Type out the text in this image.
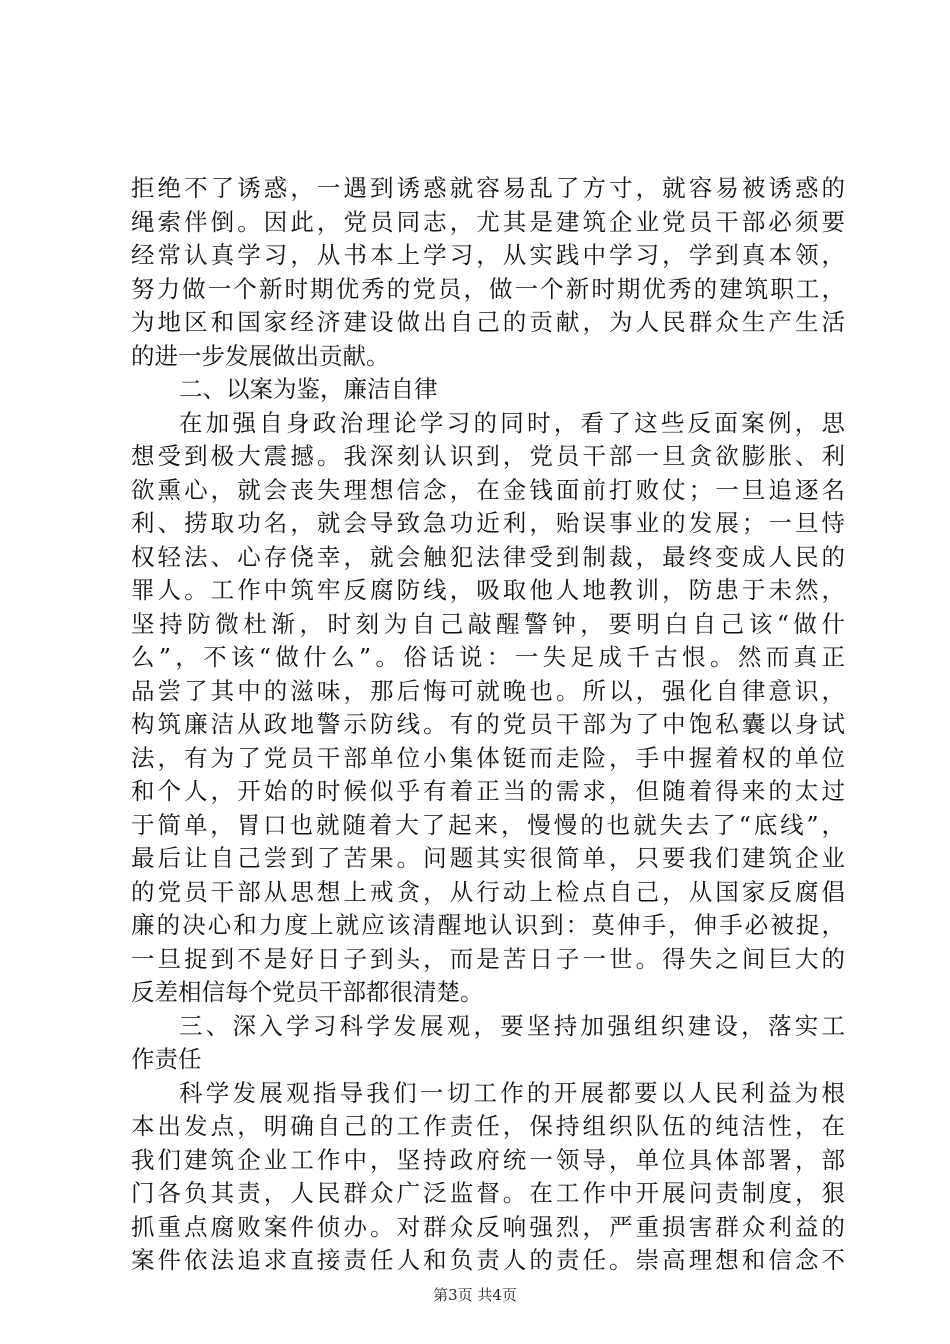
拒绝不了诱惑，一遇到诱惑就容易乱了方寸，就容易被诱惑的
绳索伴倒。因此，党员同志，尤其是建筑企业党员干部必须要
经常认真学习，从书本上学习，从实践中学习，学到真本领，
努力做一个新时期优秀的党员，做一个新时期优秀的建筑职工，
为地区和国家经济建设做出自己的贡献，为人民群众生产生活
的进一步发展做出贡献。
二、以案为鉴，廉洁自律
在加强自身政治理论学习的同时，看了这些反面案例，思
想受到极大震撼。我深刻认识到，党员干部一旦贪欲膨胀、利
欲熏心，就会丧失理想信念，在金钱面前打败仗；一旦追逐名
利、捞取功名，就会导致急功近利，贻误事业的发展；一旦恃
权轻法、心存侥幸，就会触犯法律受到制裁，最终变成人民的
罪人。工作中筑牢反腐防线，吸取他人地教训，防患于未然，
坚持防微杜渐，时刻为自己敲醒警钟，要明白自己该“做什
么”，不该“做什么”。俗话说：一失足成千古恨。然而真正
品尝了其中的滋味，那后悔可就晚也。所以，强化自律意识，
构筑廉洁从政地警示防线。有的党员干部为了中饱私囊以身试
法，有为了党员干部单位小集体铤而走险，手中握着权的单位
和个人，开始的时候似乎有着正当的需求，但随着得来的太过
于简单，胃口也就随着大了起来，慢慢的也就失去了“底线”，
最后让自己尝到了苦果。问题其实很简单，只要我们建筑企业
的党员干部从思想上戒贪，从行动上检点自己，从国家反腐倡
廉的决心和力度上就应该清醒地认识到：莫伸手，伸手必被捉，
一旦捉到不是好日子到头，而是苦日子一世。得失之间巨大的
反差相信每个党员干部都很清楚。
三、深入学习科学发展观，要坚持加强组织建设，落实工
作责任
科学发展观指导我们一切工作的开展都要以人民利益为根
本出发点，明确自己的工作责任，保持组织队伍的纯洁性，在
我们建筑企业工作中，坚持政府统一领导，单位具体部署，部
门各负其责，人民群众广泛监督。在工作中开展问责制度，狠
抓重点腐败案件侦办。对群众反响强烈，严重损害群众利益的
案件依法追求直接责任人和负责人的责任。崇高理想和信念不
第3页 共4页
